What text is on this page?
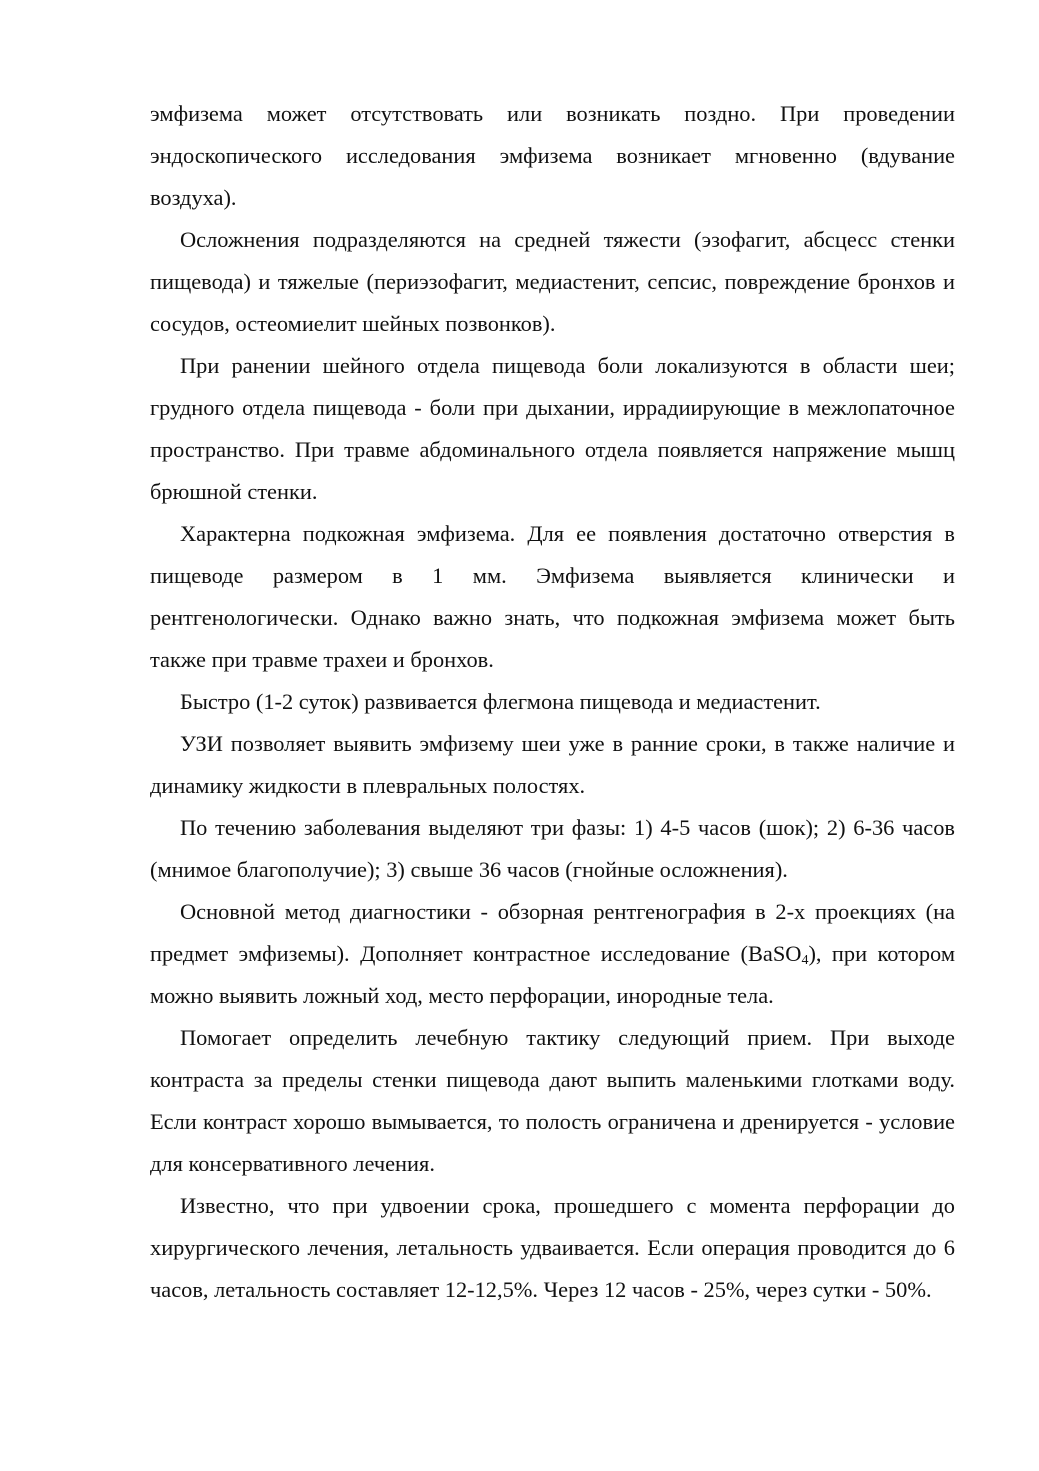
эмфизема может отсутствовать или возникать поздно. При проведении эндоскопического исследования эмфизема возникает мгновенно (вдувание воздуха).

Осложнения подразделяются на средней тяжести (эзофагит, абсцесс стенки пищевода) и тяжелые (периэзофагит, медиастенит, сепсис, повреждение бронхов и сосудов, остеомиелит шейных позвонков).

При ранении шейного отдела пищевода боли локализуются в области шеи; грудного отдела пищевода - боли при дыхании, иррадиирующие в межлопаточное пространство. При травме абдоминального отдела появляется напряжение мышц брюшной стенки.

Характерна подкожная эмфизема. Для ее появления достаточно отверстия в пищеводе размером в 1 мм. Эмфизема выявляется клинически и рентгенологически. Однако важно знать, что подкожная эмфизема может быть также при травме трахеи и бронхов.

Быстро (1-2 суток) развивается флегмона пищевода и медиастенит.

УЗИ позволяет выявить эмфизему шеи уже в ранние сроки, в также наличие и динамику жидкости в плевральных полостях.

По течению заболевания выделяют три фазы: 1) 4-5 часов (шок); 2) 6-36 часов (мнимое благополучие); 3) свыше 36 часов (гнойные осложнения).

Основной метод диагностики - обзорная рентгенография в 2-х проекциях (на предмет эмфиземы). Дополняет контрастное исследование (BaSO$_4$), при котором можно выявить ложный ход, место перфорации, инородные тела.

Помогает определить лечебную тактику следующий прием. При выходе контраста за пределы стенки пищевода дают выпить маленькими глотками воду. Если контраст хорошо вымывается, то полость ограничена и дренируется - условие для консервативного лечения.

Известно, что при удвоении срока, прошедшего с момента перфорации до хирургического лечения, летальность удваивается. Если операция проводится до 6 часов, летальность составляет 12-12,5%. Через 12 часов - 25%, через сутки - 50%.
